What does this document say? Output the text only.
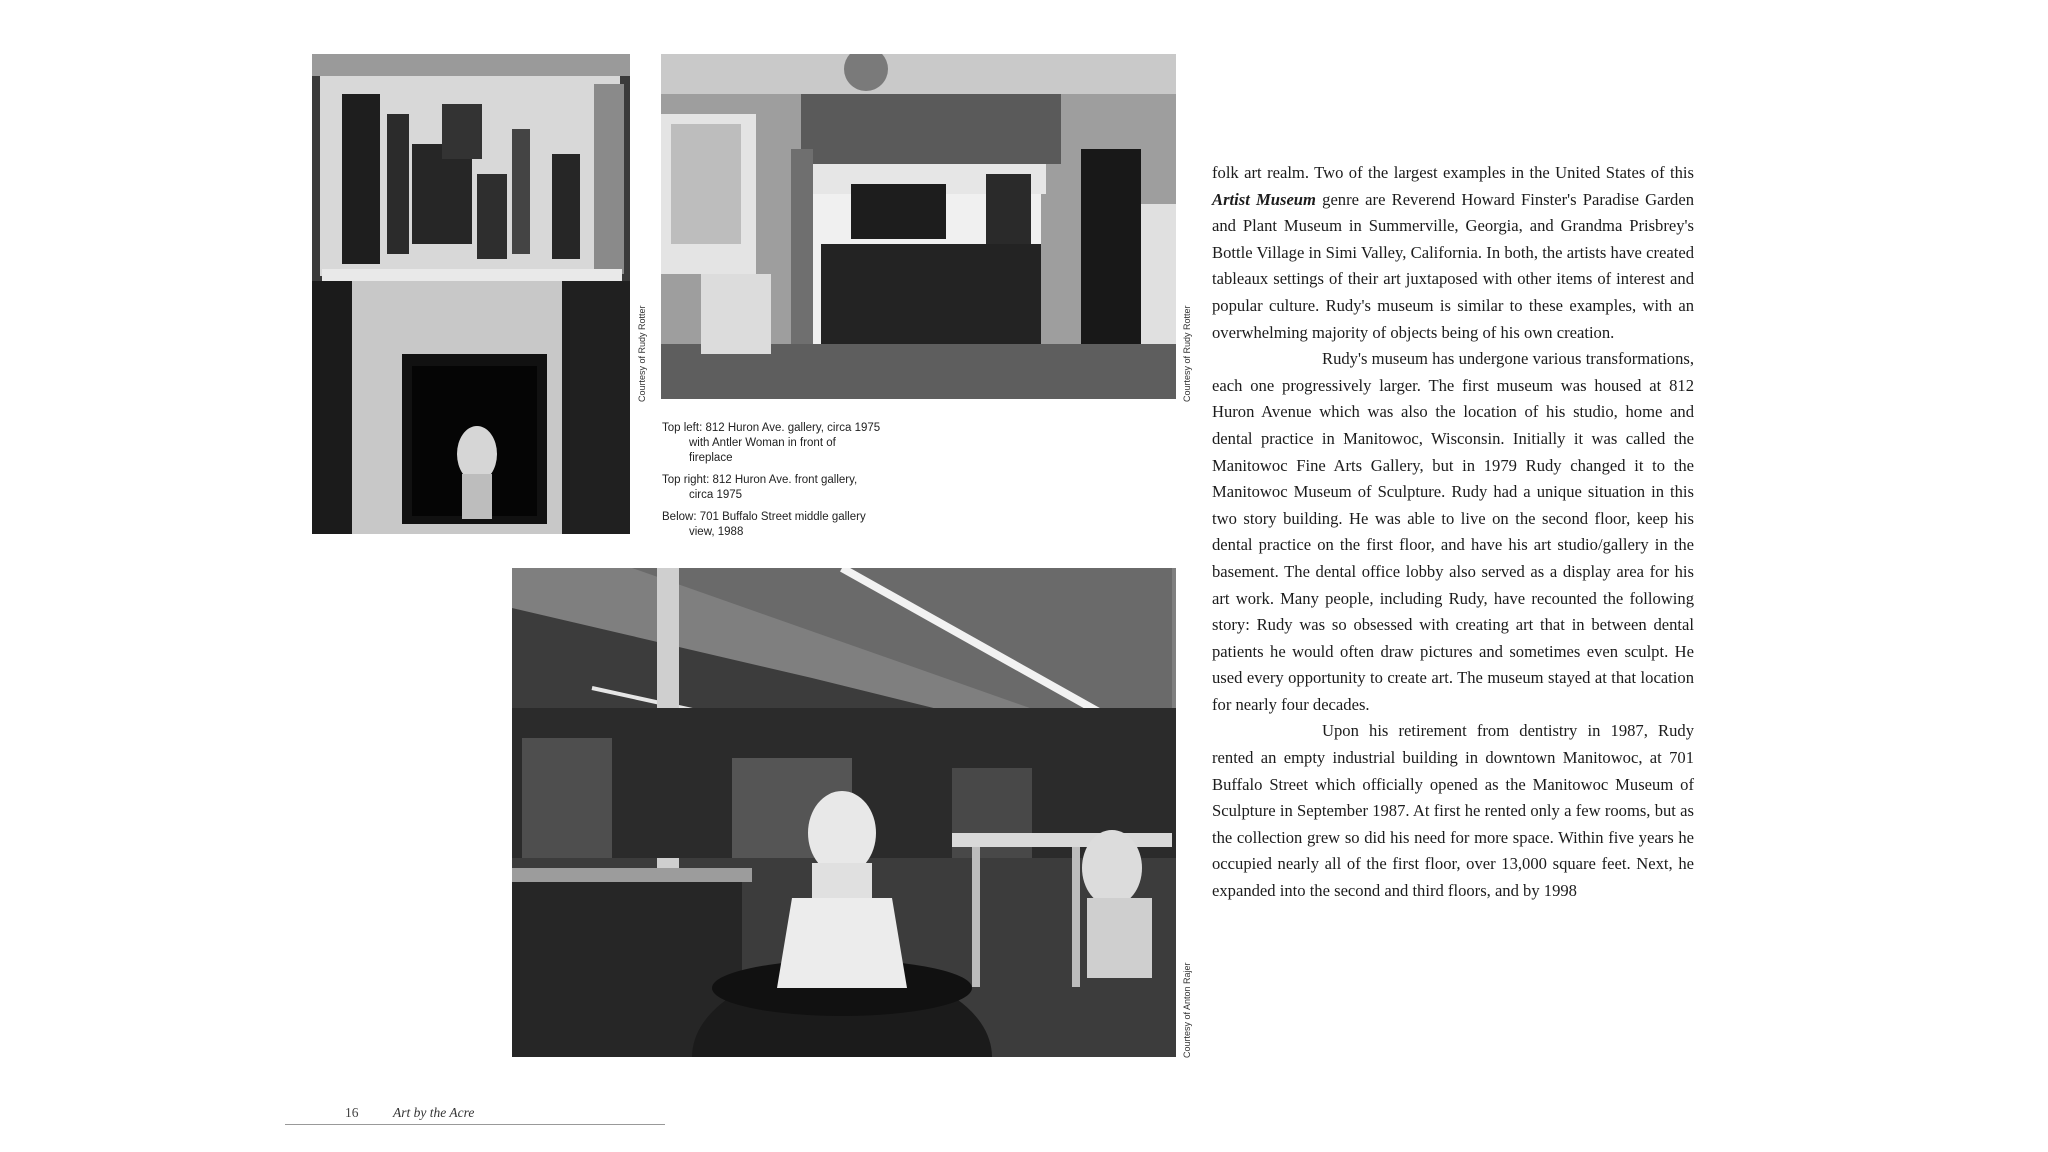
Courtesy of Rudy Rotter	Courtesy of Rudy Rotter

Top left: 812 Huron Ave. gallery, circa 1975 with Antler Woman in front of fireplace

Top right: 812 Huron Ave. front gallery, circa 1975

Below: 701 Buffalo Street middle gallery view, 1988

Courtesy of Anton Rajer

folk art realm. Two of the largest examples in the United States of this Artist Museum genre are Reverend Howard Finster's Paradise Garden and Plant Museum in Summerville, Georgia, and Grandma Prisbrey's Bottle Village in Simi Valley, California. In both, the artists have created tableaux settings of their art juxtaposed with other items of interest and popular culture. Rudy's museum is similar to these examples, with an overwhelming majority of objects being of his own creation.

Rudy's museum has undergone various transformations, each one progressively larger. The first museum was housed at 812 Huron Avenue which was also the location of his studio, home and dental practice in Manitowoc, Wisconsin. Initially it was called the Manitowoc Fine Arts Gallery, but in 1979 Rudy changed it to the Manitowoc Museum of Sculpture. Rudy had a unique situation in this two story building. He was able to live on the second floor, keep his dental practice on the first floor, and have his art studio/gallery in the basement. The dental office lobby also served as a display area for his art work. Many people, including Rudy, have recounted the following story: Rudy was so obsessed with creating art that in between dental patients he would often draw pictures and sometimes even sculpt. He used every opportunity to create art. The museum stayed at that location for nearly four decades.

Upon his retirement from dentistry in 1987, Rudy rented an empty industrial building in downtown Manitowoc, at 701 Buffalo Street which officially opened as the Manitowoc Museum of Sculpture in September 1987. At first he rented only a few rooms, but as the collection grew so did his need for more space. Within five years he occupied nearly all of the first floor, over 13,000 square feet. Next, he expanded into the second and third floors, and by 1998

16	Art by the Acre
